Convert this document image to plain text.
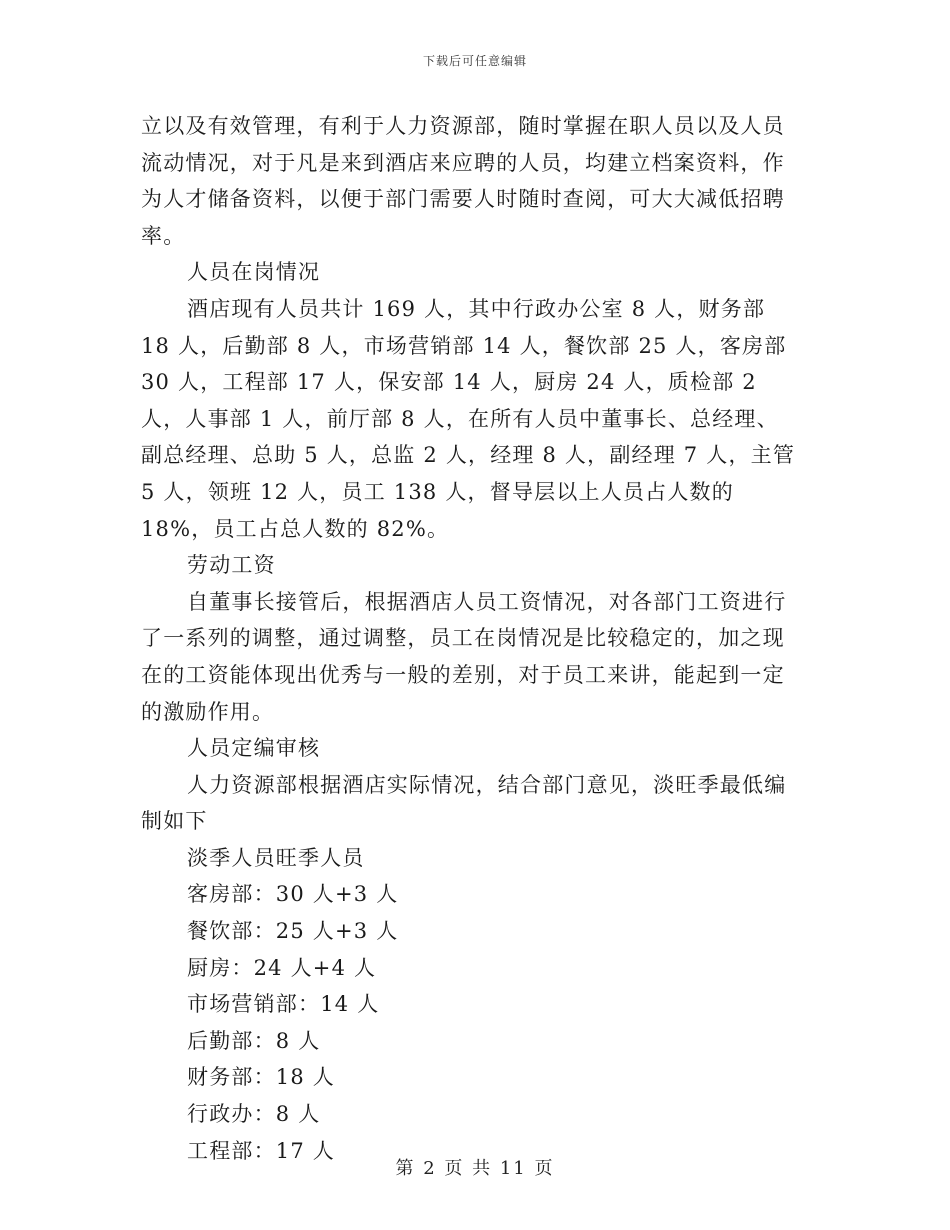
下载后可任意编辑

立以及有效管理，有利于人力资源部，随时掌握在职人员以及人员流动情况，对于凡是来到酒店来应聘的人员，均建立档案资料，作为人才储备资料，以便于部门需要人时随时查阅，可大大减低招聘率。

人员在岗情况

酒店现有人员共计 169 人，其中行政办公室 8 人，财务部 18 人，后勤部 8 人，市场营销部 14 人，餐饮部 25 人，客房部 30 人，工程部 17 人，保安部 14 人，厨房 24 人，质检部 2 人，人事部 1 人，前厅部 8 人，在所有人员中董事长、总经理、副总经理、总助 5 人，总监 2 人，经理 8 人，副经理 7 人，主管 5 人，领班 12 人，员工 138 人，督导层以上人员占人数的 18%，员工占总人数的 82%。

劳动工资

自董事长接管后，根据酒店人员工资情况，对各部门工资进行了一系列的调整，通过调整，员工在岗情况是比较稳定的，加之现在的工资能体现出优秀与一般的差别，对于员工来讲，能起到一定的激励作用。

人员定编审核

人力资源部根据酒店实际情况，结合部门意见，淡旺季最低编制如下

淡季人员旺季人员

客房部：30 人+3 人

餐饮部：25 人+3 人

厨房：24 人+4 人

市场营销部：14 人

后勤部：8 人

财务部：18 人

行政办：8 人

工程部：17 人

第 2 页 共 11 页
